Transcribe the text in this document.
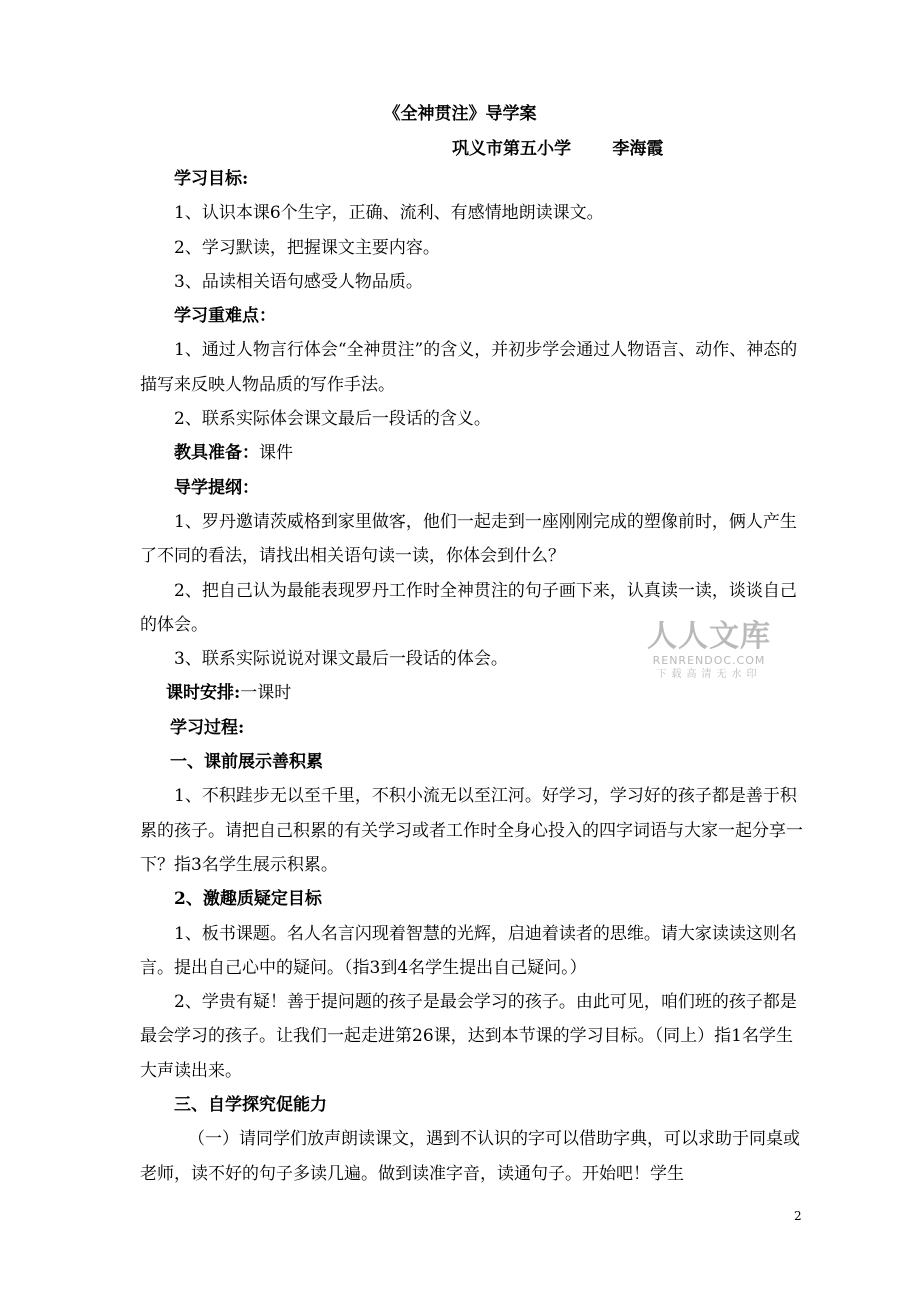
《全神贯注》导学案
巩义市第五小学       李海霞

学习目标:

1、认识本课6个生字，正确、流利、有感情地朗读课文。

2、学习默读，把握课文主要内容。

3、品读相关语句感受人物品质。

学习重难点：

1、通过人物言行体会“全神贯注”的含义，并初步学会通过人物语言、动作、神态的描写来反映人物品质的写作手法。

2、联系实际体会课文最后一段话的含义。

教具准备：课件

导学提纲：

1、罗丹邀请茨威格到家里做客，他们一起走到一座刚刚完成的塑像前时，俩人产生了不同的看法，请找出相关语句读一读，你体会到什么？

2、把自己认为最能表现罗丹工作时全神贯注的句子画下来，认真读一读，谈谈自己的体会。

3、联系实际说说对课文最后一段话的体会。

课时安排:一课时

学习过程:

一、课前展示善积累

1、不积跬步无以至千里，不积小流无以至江河。好学习，学习好的孩子都是善于积累的孩子。请把自己积累的有关学习或者工作时全身心投入的四字词语与大家一起分享一下？指3名学生展示积累。

2、激趣质疑定目标

1、板书课题。名人名言闪现着智慧的光辉，启迪着读者的思维。请大家读读这则名言。提出自己心中的疑问。（指3到4名学生提出自己疑问。）

2、学贵有疑！善于提问题的孩子是最会学习的孩子。由此可见，咱们班的孩子都是最会学习的孩子。让我们一起走进第26课，达到本节课的学习目标。（同上）指1名学生大声读出来。

三、自学探究促能力

（一）请同学们放声朗读课文，遇到不认识的字可以借助字典，可以求助于同桌或老师，读不好的句子多读几遍。做到读准字音，读通句子。开始吧！学生

人人文库
RENRENDOC.COM
下载高清无水印
2
